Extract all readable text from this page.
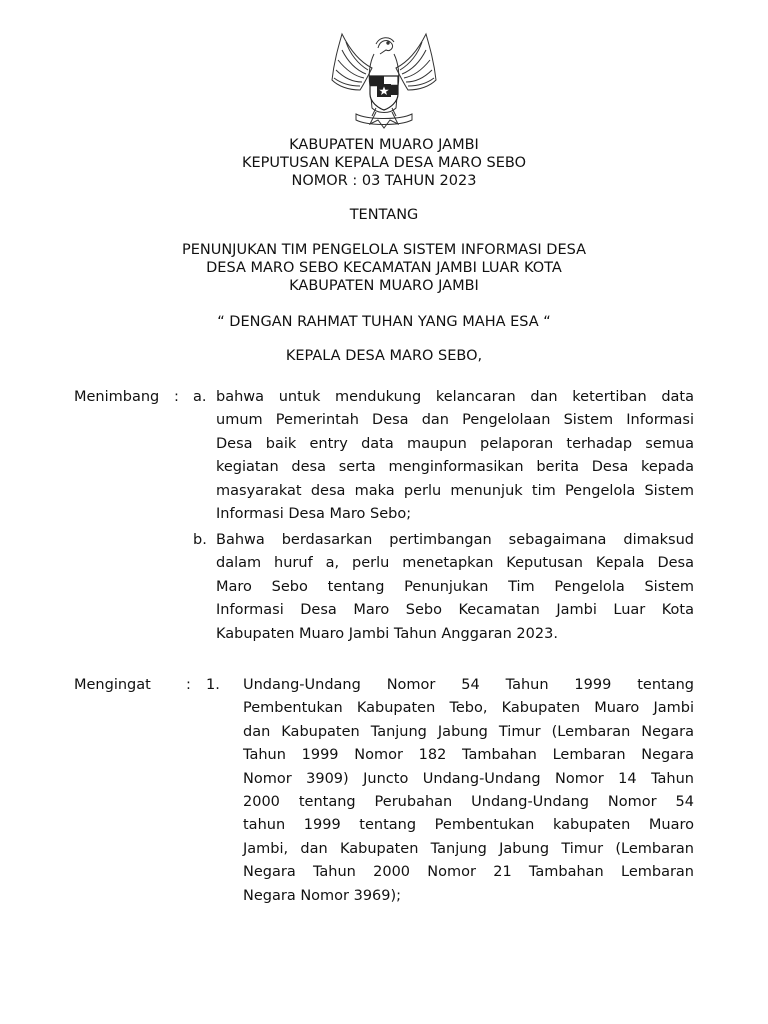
KABUPATEN MUARO JAMBI
KEPUTUSAN KEPALA DESA MARO SEBO
NOMOR : 03 TAHUN 2023
TENTANG
PENUNJUKAN TIM PENGELOLA SISTEM INFORMASI DESA
DESA MARO SEBO KECAMATAN JAMBI LUAR KOTA
KABUPATEN MUARO JAMBI
“ DENGAN RAHMAT TUHAN YANG MAHA ESA “
KEPALA DESA MARO SEBO,
Menimbang : a. bahwa untuk mendukung kelancaran dan ketertiban data
umum Pemerintah Desa dan Pengelolaan Sistem Informasi
Desa baik entry data maupun pelaporan terhadap semua
kegiatan desa serta menginformasikan berita Desa kepada
masyarakat desa maka perlu menunjuk tim Pengelola Sistem
Informasi Desa Maro Sebo;
b. Bahwa berdasarkan pertimbangan sebagaimana dimaksud
dalam huruf a, perlu menetapkan Keputusan Kepala Desa
Maro Sebo tentang Penunjukan Tim Pengelola Sistem
Informasi Desa Maro Sebo Kecamatan Jambi Luar Kota
Kabupaten Muaro Jambi Tahun Anggaran 2023.
Mengingat : 1. Undang-Undang Nomor 54 Tahun 1999 tentang
Pembentukan Kabupaten Tebo, Kabupaten Muaro Jambi
dan Kabupaten Tanjung Jabung Timur (Lembaran Negara
Tahun 1999 Nomor 182 Tambahan Lembaran Negara
Nomor 3909) Juncto Undang-Undang Nomor 14 Tahun
2000 tentang Perubahan Undang-Undang Nomor 54
tahun 1999 tentang Pembentukan kabupaten Muaro
Jambi, dan Kabupaten Tanjung Jabung Timur (Lembaran
Negara Tahun 2000 Nomor 21 Tambahan Lembaran
Negara Nomor 3969);
